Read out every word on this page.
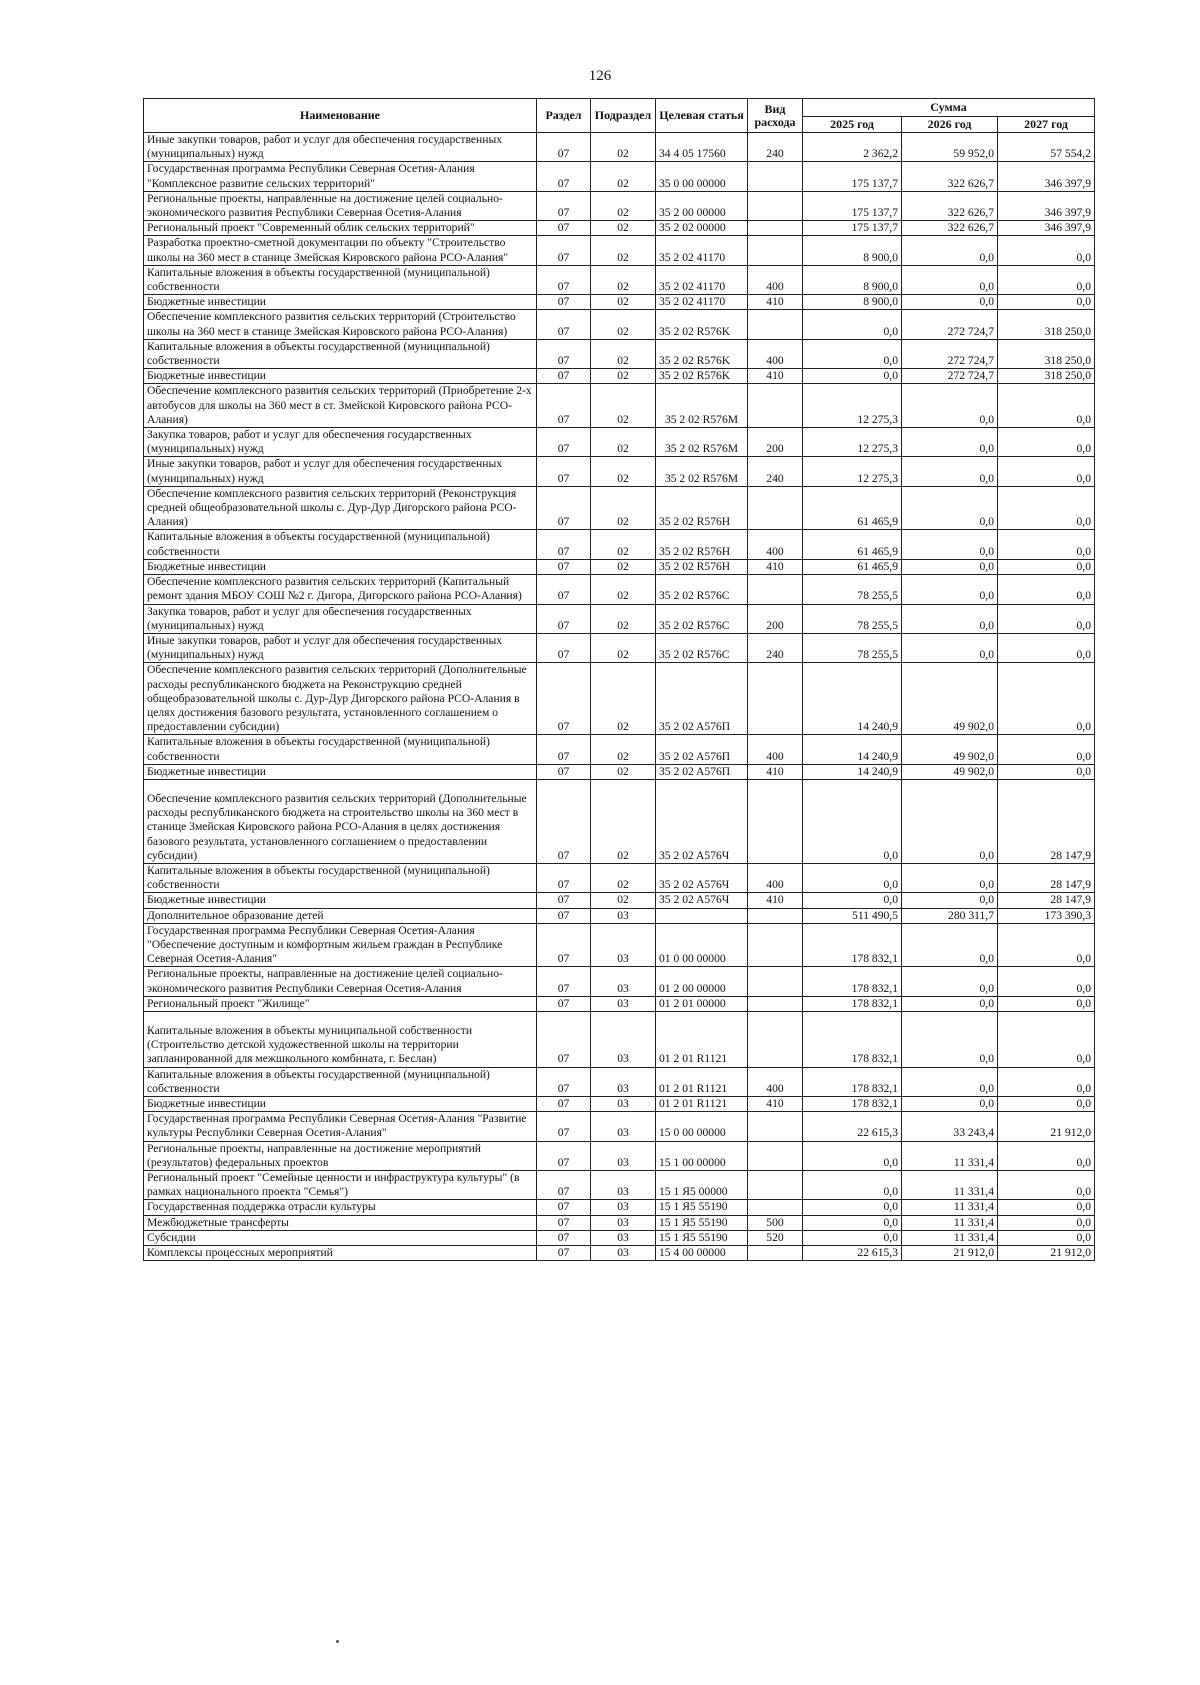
126
Наименование	Раздел	Подраздел	Целевая статья	Вид расхода	Сумма		
					2025 год	2026 год	2027 год
Иные закупки товаров, работ и услуг для обеспечения государственных (муниципальных) нужд	07	02	34 4 05 17560	240	2 362,2	59 952,0	57 554,2
Государственная программа Республики Северная Осетия-Алания "Комплексное развитие сельских территорий"	07	02	35 0 00 00000		175 137,7	322 626,7	346 397,9
Региональные проекты, направленные на достижение целей социально-экономического развития Республики Северная Осетия-Алания	07	02	35 2 00 00000		175 137,7	322 626,7	346 397,9
Региональный проект "Современный облик сельских территорий"	07	02	35 2 02 00000		175 137,7	322 626,7	346 397,9
Разработка проектно-сметной документации по объекту "Строительство школы на 360 мест в станице Змейская Кировского района РСО-Алания"	07	02	35 2 02 41170		8 900,0	0,0	0,0
Капитальные вложения в объекты государственной (муниципальной) собственности	07	02	35 2 02 41170	400	8 900,0	0,0	0,0
Бюджетные инвестиции	07	02	35 2 02 41170	410	8 900,0	0,0	0,0
Обеспечение комплексного развития сельских территорий (Строительство школы на 360 мест в станице Змейская Кировского района РСО-Алания)	07	02	35 2 02 R576K		0,0	272 724,7	318 250,0
Капитальные вложения в объекты государственной (муниципальной) собственности	07	02	35 2 02 R576K	400	0,0	272 724,7	318 250,0
Бюджетные инвестиции	07	02	35 2 02 R576K	410	0,0	272 724,7	318 250,0
Обеспечение комплексного развития сельских территорий (Приобретение 2-х автобусов для школы на 360 мест в ст. Змейской Кировского района РСО-Алания)	07	02	35 2 02 R576M		12 275,3	0,0	0,0
Закупка товаров, работ и услуг для обеспечения государственных (муниципальных) нужд	07	02	35 2 02 R576M	200	12 275,3	0,0	0,0
Иные закупки товаров, работ и услуг для обеспечения государственных (муниципальных) нужд	07	02	35 2 02 R576M	240	12 275,3	0,0	0,0
Обеспечение комплексного развития сельских территорий (Реконструкция средней общеобразовательной школы с. Дур-Дур Дигорского района РСО-Алания)	07	02	35 2 02 R576H		61 465,9	0,0	0,0
Капитальные вложения в объекты государственной (муниципальной) собственности	07	02	35 2 02 R576H	400	61 465,9	0,0	0,0
Бюджетные инвестиции	07	02	35 2 02 R576H	410	61 465,9	0,0	0,0
Обеспечение комплексного развития сельских территорий (Капитальный ремонт здания МБОУ СОШ №2 г. Дигора, Дигорского района РСО-Алания)	07	02	35 2 02 R576C		78 255,5	0,0	0,0
Закупка товаров, работ и услуг для обеспечения государственных (муниципальных) нужд	07	02	35 2 02 R576C	200	78 255,5	0,0	0,0
Иные закупки товаров, работ и услуг для обеспечения государственных (муниципальных) нужд	07	02	35 2 02 R576C	240	78 255,5	0,0	0,0
Обеспечение комплексного развития сельских территорий (Дополнительные расходы республиканского бюджета на Реконструкцию средней общеобразовательной школы с. Дур-Дур Дигорского района РСО-Алания в целях достижения базового результата, установленного соглашением о предоставлении субсидии)	07	02	35 2 02 A576П		14 240,9	49 902,0	0,0
Капитальные вложения в объекты государственной (муниципальной) собственности	07	02	35 2 02 A576П	400	14 240,9	49 902,0	0,0
Бюджетные инвестиции	07	02	35 2 02 A576П	410	14 240,9	49 902,0	0,0
Обеспечение комплексного развития сельских территорий (Дополнительные расходы республиканского бюджета на строительство школы на 360 мест в станице Змейская Кировского района РСО-Алания в целях достижения базового результата, установленного соглашением о предоставлении субсидии)	07	02	35 2 02 A576Ч		0,0	0,0	28 147,9
Капитальные вложения в объекты государственной (муниципальной) собственности	07	02	35 2 02 A576Ч	400	0,0	0,0	28 147,9
Бюджетные инвестиции	07	02	35 2 02 A576Ч	410	0,0	0,0	28 147,9
Дополнительное образование детей	07	03			511 490,5	280 311,7	173 390,3
Государственная программа Республики Северная Осетия-Алания "Обеспечение доступным и комфортным жильем граждан в Республике Северная Осетия-Алания"	07	03	01 0 00 00000		178 832,1	0,0	0,0
Региональные проекты, направленные на достижение целей социально-экономического развития Республики Северная Осетия-Алания	07	03	01 2 00 00000		178 832,1	0,0	0,0
Региональный проект "Жилище"	07	03	01 2 01 00000		178 832,1	0,0	0,0
Капитальные вложения в объекты муниципальной собственности (Строительство детской художественной школы на территории запланированной для межшкольного комбината, г. Беслан)	07	03	01 2 01 R1121		178 832,1	0,0	0,0
Капитальные вложения в объекты государственной (муниципальной) собственности	07	03	01 2 01 R1121	400	178 832,1	0,0	0,0
Бюджетные инвестиции	07	03	01 2 01 R1121	410	178 832,1	0,0	0,0
Государственная программа Республики Северная Осетия-Алания "Развитие культуры Республики Северная Осетия-Алания"	07	03	15 0 00 00000		22 615,3	33 243,4	21 912,0
Региональные проекты, направленные на достижение мероприятий (результатов) федеральных проектов	07	03	15 1 00 00000		0,0	11 331,4	0,0
Региональный проект "Семейные ценности и инфраструктура культуры" (в рамках национального проекта "Семья")	07	03	15 1 Я5 00000		0,0	11 331,4	0,0
Государственная поддержка отрасли культуры	07	03	15 1 Я5 55190		0,0	11 331,4	0,0
Межбюджетные трансферты	07	03	15 1 Я5 55190	500	0,0	11 331,4	0,0
Субсидии	07	03	15 1 Я5 55190	520	0,0	11 331,4	0,0
Комплексы процессных мероприятий	07	03	15 4 00 00000		22 615,3	21 912,0	21 912,0
